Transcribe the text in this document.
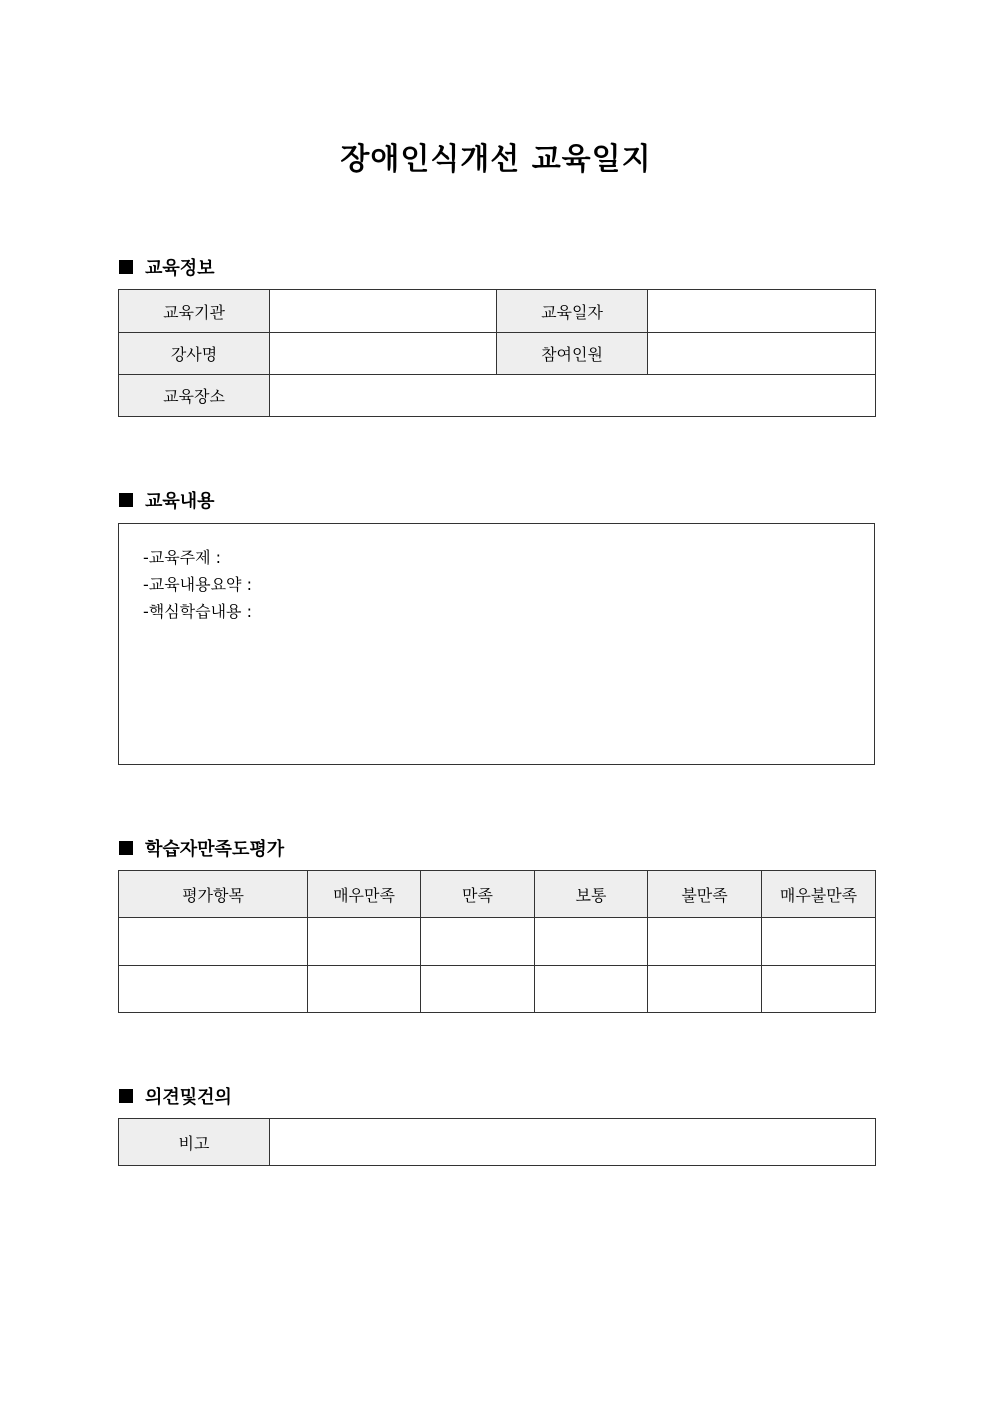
장애인식개선 교육일지
교육정보
교육기관		교육일자	
강사명		참여인원	
교육장소			
교육내용
-교육주제 :
-교육내용요약 :
-핵심학습내용 :
학습자만족도평가
평가항목	매우만족	만족	보통	불만족	매우불만족

의견및건의
비고	
